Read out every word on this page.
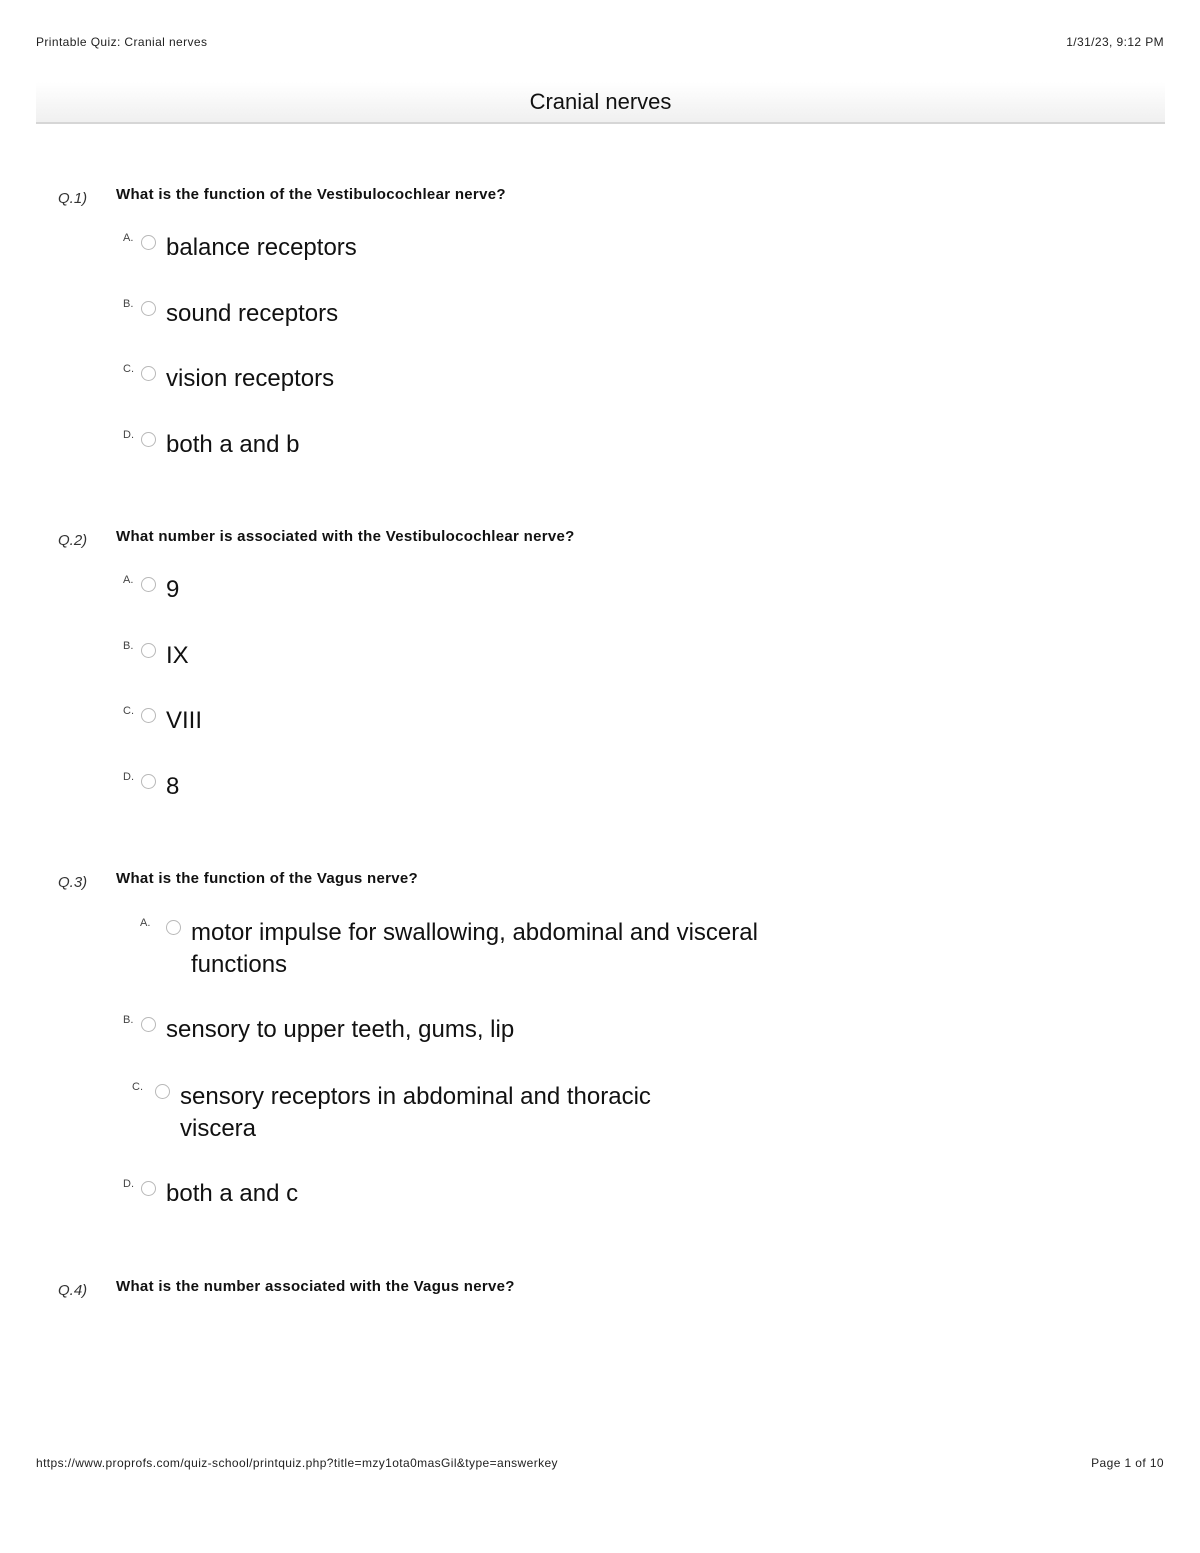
Printable Quiz: Cranial nerves	1/31/23, 9:12 PM
Cranial nerves
Q.1) What is the function of the Vestibulocochlear nerve?
A. balance receptors
B. sound receptors
C. vision receptors
D. both a and b
Q.2) What number is associated with the Vestibulocochlear nerve?
A. 9
B. IX
C. VIII
D. 8
Q.3) What is the function of the Vagus nerve?
A. motor impulse for swallowing, abdominal and visceral functions
B. sensory to upper teeth, gums, lip
C. sensory receptors in abdominal and thoracic viscera
D. both a and c
Q.4) What is the number associated with the Vagus nerve?
https://www.proprofs.com/quiz-school/printquiz.php?title=mzy1ota0masGil&type=answerkey	Page 1 of 10
